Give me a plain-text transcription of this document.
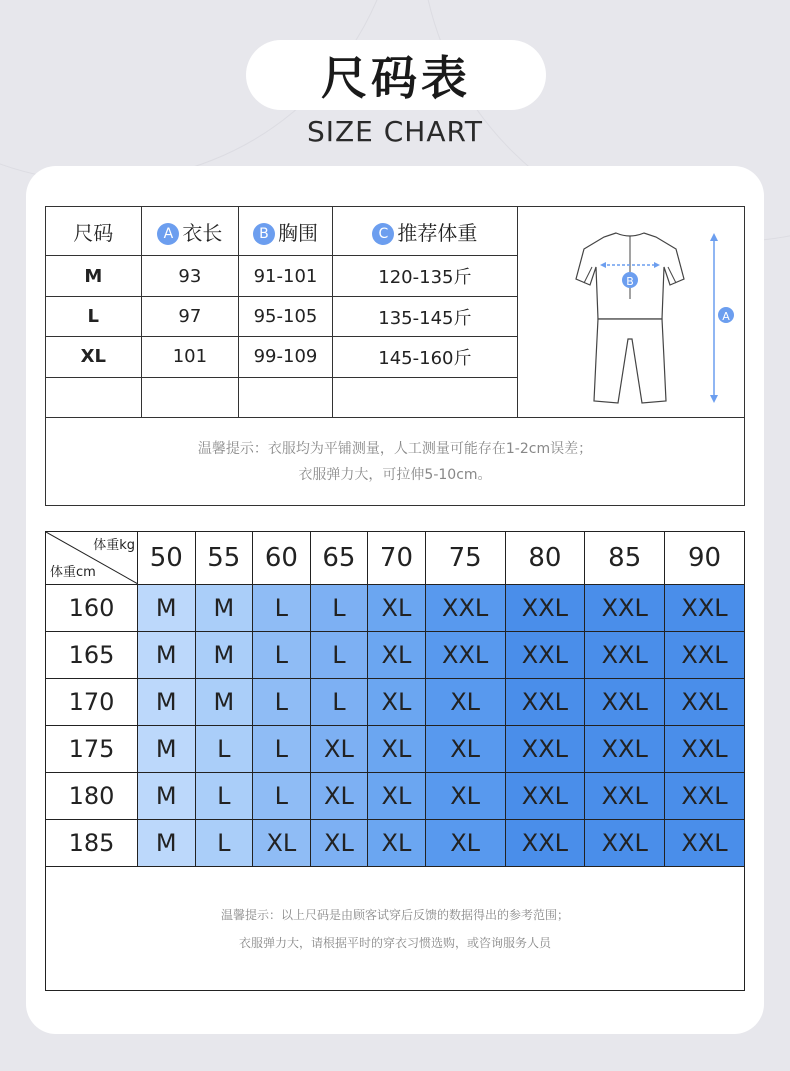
尺码表
SIZE CHART
尺码	A 衣长	B 胸围	C 推荐体重	B
A

M	93	91-101	120-135斤	
L	97	95-105	135-145斤	
XL	101	99-109	145-160斤	

温馨提示：衣服均为平铺测量，人工测量可能存在1-2cm误差；
衣服弹力大，可拉伸5-10cm。				
体重kg
体重cm	50	55	60	65	70	75	80	85	90
160	M	M	L	L	XL	XXL	XXL	XXL	XXL
165	M	M	L	L	XL	XXL	XXL	XXL	XXL
170	M	M	L	L	XL	XL	XXL	XXL	XXL
175	M	L	L	XL	XL	XL	XXL	XXL	XXL
180	M	L	L	XL	XL	XL	XXL	XXL	XXL
185	M	L	XL	XL	XL	XL	XXL	XXL	XXL

温馨提示：以上尺码是由顾客试穿后反馈的数据得出的参考范围；
衣服弹力大，请根据平时的穿衣习惯选购，或咨询服务人员									
